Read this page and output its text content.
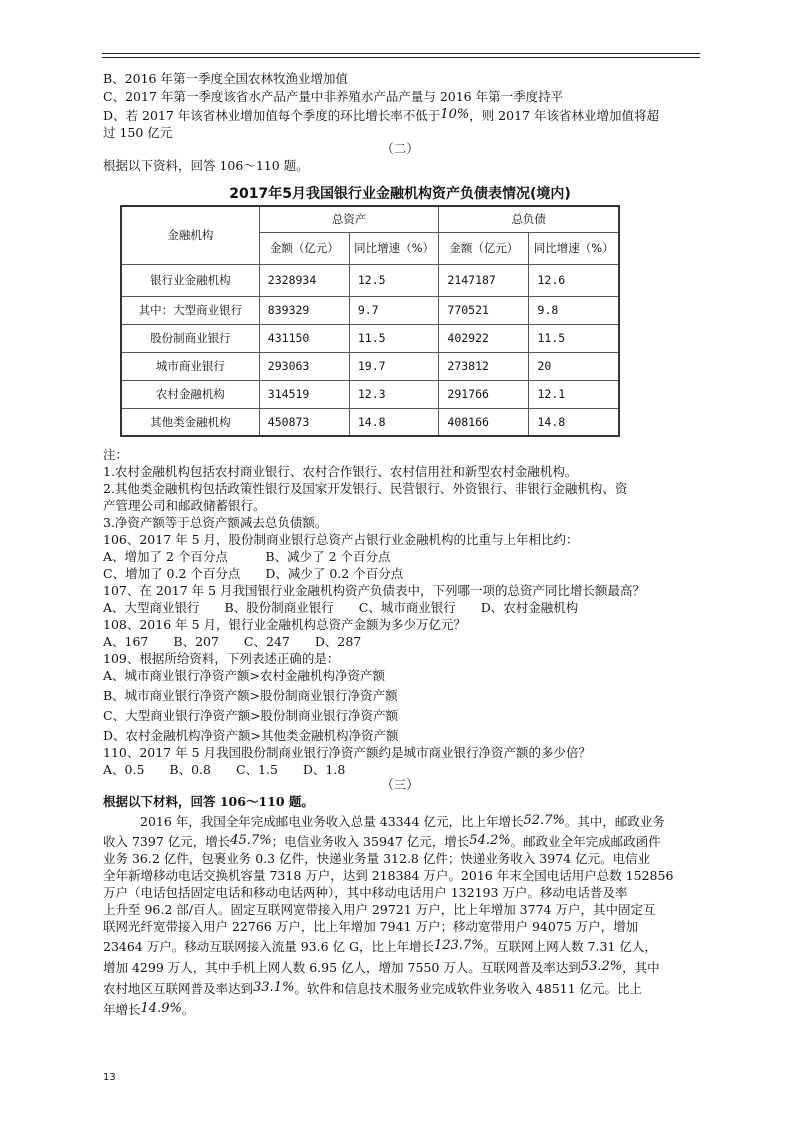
B、2016 年第一季度全国农林牧渔业增加值
C、2017 年第一季度该省水产品产量中非养殖水产品产量与 2016 年第一季度持平
D、若 2017 年该省林业增加值每个季度的环比增长率不低于10%，则 2017 年该省林业增加值将超
过 150 亿元
（二）
根据以下资料，回答 106～110 题。
2017年5月我国银行业金融机构资产负债表情况(境内)
金融机构	总资产		总负债	
	金额（亿元）	同比增速（%）	金额（亿元）	同比增速（%）
银行业金融机构	2328934	12.5	2147187	12.6
其中：大型商业银行	839329	9.7	770521	9.8
股份制商业银行	431150	11.5	402922	11.5
城市商业银行	293063	19.7	273812	20
农村金融机构	314519	12.3	291766	12.1
其他类金融机构	450873	14.8	408166	14.8
注：
1.农村金融机构包括农村商业银行、农村合作银行、农村信用社和新型农村金融机构。
2.其他类金融机构包括政策性银行及国家开发银行、民营银行、外资银行、非银行金融机构、资
产管理公司和邮政储蓄银行。
3.净资产额等于总资产额减去总负债额。
106、2017 年 5 月，股份制商业银行总资产占银行业金融机构的比重与上年相比约：
A、增加了 2 个百分点　　　B、减少了 2 个百分点
C、增加了 0.2 个百分点　　D、减少了 0.2 个百分点
107、在 2017 年 5 月我国银行业金融机构资产负债表中，下列哪一项的总资产同比增长额最高？
A、大型商业银行　　B、股份制商业银行　　C、城市商业银行　　D、农村金融机构
108、2016 年 5 月，银行业金融机构总资产金额为多少万亿元？
A、167　　B、207　　C、247　　D、287
109、根据所给资料，下列表述正确的是：
A、城市商业银行净资产额>农村金融机构净资产额
B、城市商业银行净资产额>股份制商业银行净资产额
C、大型商业银行净资产额>股份制商业银行净资产额
D、农村金融机构净资产额>其他类金融机构净资产额
110、2017 年 5 月我国股份制商业银行净资产额约是城市商业银行净资产额的多少倍？
A、0.5　　B、0.8　　C、1.5　　D、1.8
（三）
根据以下材料，回答 106～110 题。
2016 年，我国全年完成邮电业务收入总量 43344 亿元，比上年增长52.7%。其中，邮政业务
收入 7397 亿元，增长45.7%；电信业务收入 35947 亿元，增长54.2%。邮政业全年完成邮政函件
业务 36.2 亿件，包裹业务 0.3 亿件，快递业务量 312.8 亿件；快递业务收入 3974 亿元。电信业
全年新增移动电话交换机容量 7318 万户，达到 218384 万户。2016 年末全国电话用户总数 152856
万户（电话包括固定电话和移动电话两种），其中移动电话用户 132193 万户。移动电话普及率
上升至 96.2 部/百人。固定互联网宽带接入用户 29721 万户，比上年增加 3774 万户，其中固定互
联网光纤宽带接入用户 22766 万户，比上年增加 7941 万户；移动宽带用户 94075 万户，增加
23464 万户。移动互联网接入流量 93.6 亿 G，比上年增长123.7%。互联网上网人数 7.31 亿人，
增加 4299 万人，其中手机上网人数 6.95 亿人，增加 7550 万人。互联网普及率达到53.2%，其中
农村地区互联网普及率达到33.1%。软件和信息技术服务业完成软件业务收入 48511 亿元。比上
年增长14.9%。
13
